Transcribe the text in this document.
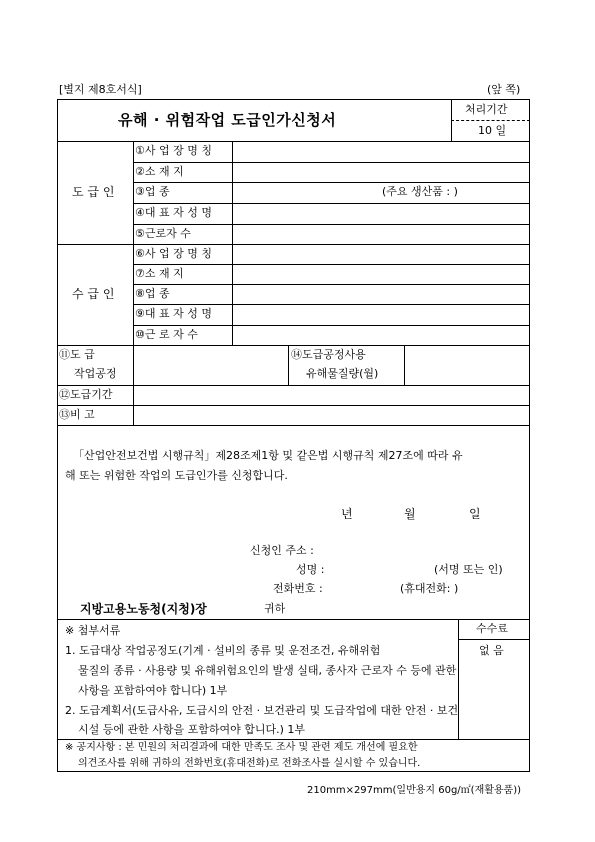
[별지 제8호서식]	(앞 쪽)
유해 · 위험작업 도급인가신청서
처리기간
10 일
도 급 인
①사 업 장 명 칭
②소 재 지
③업 종	(주요 생산품 : )
④대 표 자 성 명
⑤근로자 수
수 급 인
⑥사 업 장 명 칭
⑦소 재 지
⑧업 종
⑨대 표 자 성 명
⑩근 로 자 수
⑪도 급
작업공정
⑭도급공정사용
유해물질량(월)
⑫도급기간
⑬비 고
「산업안전보건법 시행규칙」제28조제1항 및 같은법 시행규칙 제27조에 따라 유
해 또는 위험한 작업의 도급인가를 신청합니다.
년	월	일
신청인 주소 :
성명 :	(서명 또는 인)
전화번호 :	(휴대전화: )
지방고용노동청(지청)장	귀하
수수료
없 음
※ 첨부서류
1. 도급대상 작업공정도(기계 · 설비의 종류 및 운전조건, 유해위험
물질의 종류 · 사용량 및 유해위험요인의 발생 실태, 종사자 근로자 수 등에 관한
사항을 포함하여야 합니다) 1부
2. 도급계획서(도급사유, 도급시의 안전 · 보건관리 및 도급작업에 대한 안전 · 보건
시설 등에 관한 사항을 포함하여야 합니다.) 1부
※ 공지사항 : 본 민원의 처리결과에 대한 만족도 조사 및 관련 제도 개선에 필요한
의견조사를 위해 귀하의 전화번호(휴대전화)로 전화조사를 실시할 수 있습니다.
210mm×297mm(일반용지 60g/㎡(재활용품))
